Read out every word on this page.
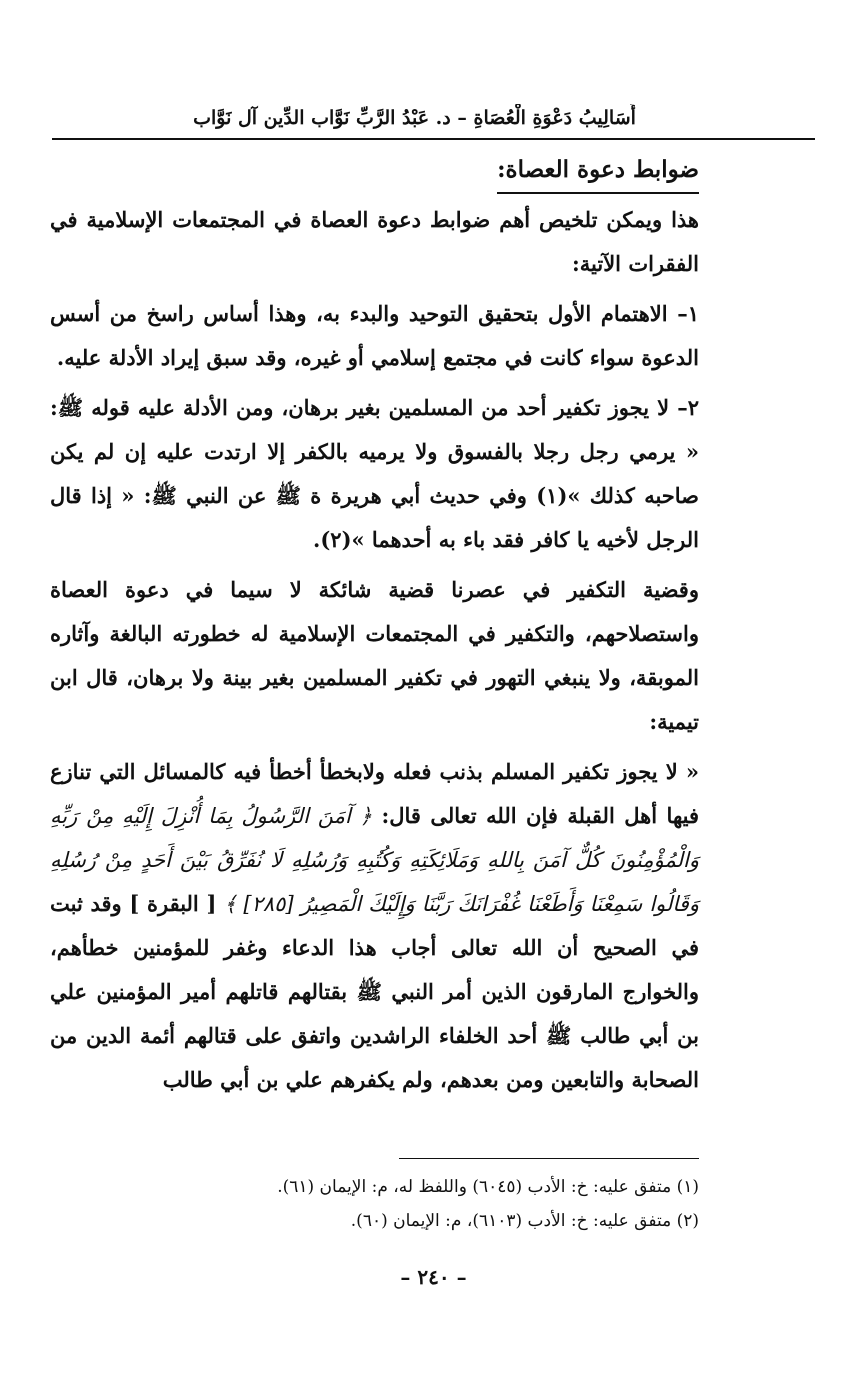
أَسَالِيبُ دَعْوَةِ الْعُصَاةِ – د. عَبْدُ الرَّبِّ نَوَّاب الدِّين آل نَوَّاب
ضوابط دعوة العصاة:

هذا ويمكن تلخيص أهم ضوابط دعوة العصاة في المجتمعات الإسلامية في الفقرات الآتية:

١– الاهتمام الأول بتحقيق التوحيد والبدء به، وهذا أساس راسخ من أسس الدعوة سواء كانت في مجتمع إسلامي أو غيره، وقد سبق إيراد الأدلة عليه.

٢– لا يجوز تكفير أحد من المسلمين بغير برهان، ومن الأدلة عليه قوله ﷺ: « يرمي رجل رجلا بالفسوق ولا يرميه بالكفر إلا ارتدت عليه إن لم يكن صاحبه كذلك »(١) وفي حديث أبي هريرة ة ﷺ عن النبي ﷺ: « إذا قال الرجل لأخيه يا كافر فقد باء به أحدهما »(٢).

وقضية التكفير في عصرنا قضية شائكة لا سيما في دعوة العصاة واستصلاحهم، والتكفير في المجتمعات الإسلامية له خطورته البالغة وآثاره الموبقة، ولا ينبغي التهور في تكفير المسلمين بغير بينة ولا برهان، قال ابن تيمية:

« لا يجوز تكفير المسلم بذنب فعله ولابخطأ أخطأ فيه كالمسائل التي تنازع فيها أهل القبلة فإن الله تعالى قال: ﴿ آمَنَ الرَّسُولُ بِمَا أُنْزِلَ إِلَيْهِ مِنْ رَبِّهِ وَالْمُؤْمِنُونَ كُلٌّ آمَنَ بِاللهِ وَمَلَائِكَتِهِ وَكُتُبِهِ وَرُسُلِهِ لَا نُفَرِّقُ بَيْنَ أَحَدٍ مِنْ رُسُلِهِ وَقَالُوا سَمِعْنَا وَأَطَعْنَا غُفْرَانَكَ رَبَّنَا وَإِلَيْكَ الْمَصِيرُ [٢٨٥] ﴾ [ البقرة ] وقد ثبت في الصحيح أن الله تعالى أجاب هذا الدعاء وغفر للمؤمنين خطأهم، والخوارج المارقون الذين أمر النبي ﷺ بقتالهم قاتلهم أمير المؤمنين علي بن أبي طالب ﷺ أحد الخلفاء الراشدين واتفق على قتالهم أئمة الدين من الصحابة والتابعين ومن بعدهم، ولم يكفرهم علي بن أبي طالب

(١) متفق عليه: خ: الأدب (٦٠٤٥) واللفظ له، م: الإيمان (٦١).
(٢) متفق عليه: خ: الأدب (٦١٠٣)، م: الإيمان (٦٠).
– ٢٤٠ –
